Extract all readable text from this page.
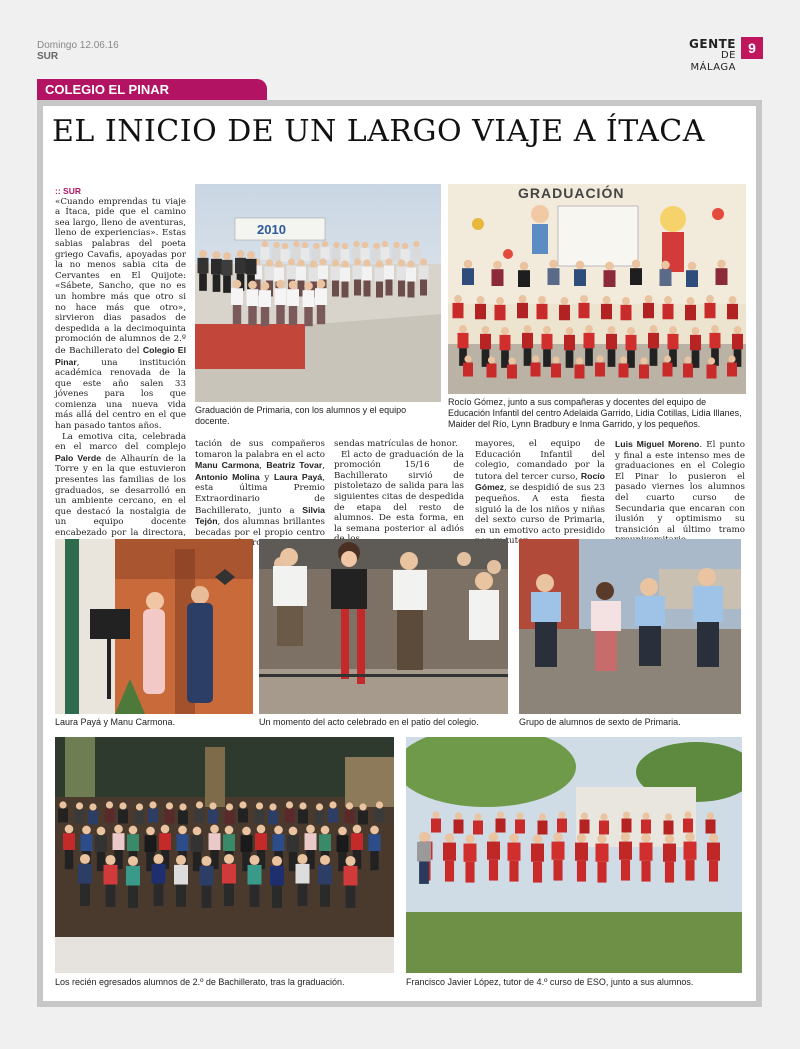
Domingo 12.06.16
SUR
GENTE
DE MÁLAGA
9
COLEGIO EL PINAR
EL INICIO DE UN LARGO VIAJE A ÍTACA
:: SUR

«Cuando emprendas tu viaje a Ítaca, pide que el camino sea largo, lleno de aventuras, lleno de experiencias». Estas sabias palabras del poeta griego Cavafis, apoyadas por la no menos sabia cita de Cervantes en El Quijote: «Sábete, Sancho, que no es un hombre más que otro si no hace más que otro», sirvieron dias pasados de despedida a la decimoquinta promoción de alumnos de 2.º de Bachillerato del Colegio El Pinar, una institución académica renovada de la que este año salen 33 jóvenes para los que comienza una nueva vida más allá del centro en el que han pasado tantos años.

La emotiva cita, celebrada en el marco del complejo Palo Verde de Alhaurín de la Torre y en la que estuvieron presentes las familias de los graduados, se desarrolló en un ambiente cercano, en el que destacó la nostalgia de un equipo docente encabezado por la directora,

2010
GRADUACIÓN
Graduación de Primaria, con los alumnos y el equipo docente.
Rocío Gómez, junto a sus compañeras y docentes del equipo de Educación Infantil del centro Adelaida Garrido, Lidia Cotillas, Lidia Illanes, Maider del Río, Lynn Bradbury e Inma Garrido, y los pequeños.

tación de sus compañeros tomaron la palabra en el acto Manu Carmona, Beatriz Tovar, Antonio Molina y Laura Payá, esta última Premio Extraordinario de Bachillerato, junto a Silvia Tejón, dos alumnas brillantes becadas por el propio centro

sendas matrículas de honor.

El acto de graduación de la promoción 15/16 de Bachillerato sirvió de pistoletazo de salida para las siguientes citas de despedida de etapa del resto de alumnos. De esta forma, en la semana posterior al adiós

mayores, el equipo de Educación Infantil del colegio, comandado por la tutora del tercer curso, Rocío Gómez, se despidió de sus 23 pequeños. A esta fiesta siguió la de los niños y niñas del sexto curso de Primaria, en un emotivo acto presidido tutor,

Luis Miguel Moreno. El punto y final a este intenso mes de graduaciones en el Colegio El Pinar lo pusieron el pasado viernes los alumnos del cuarto curso de Secundaria que encaran con ilusión y optimismo su transición al último tramo

Laura Payá y Manu Carmona.	Un momento del acto celebrado en el patio del colegio.	Grupo de alumnos de sexto de Primaria.
Los recién egresados alumnos de 2.º de Bachillerato, tras la graduación.	Francisco Javier López, tutor de 4.º curso de ESO, junto a sus alumnos.
